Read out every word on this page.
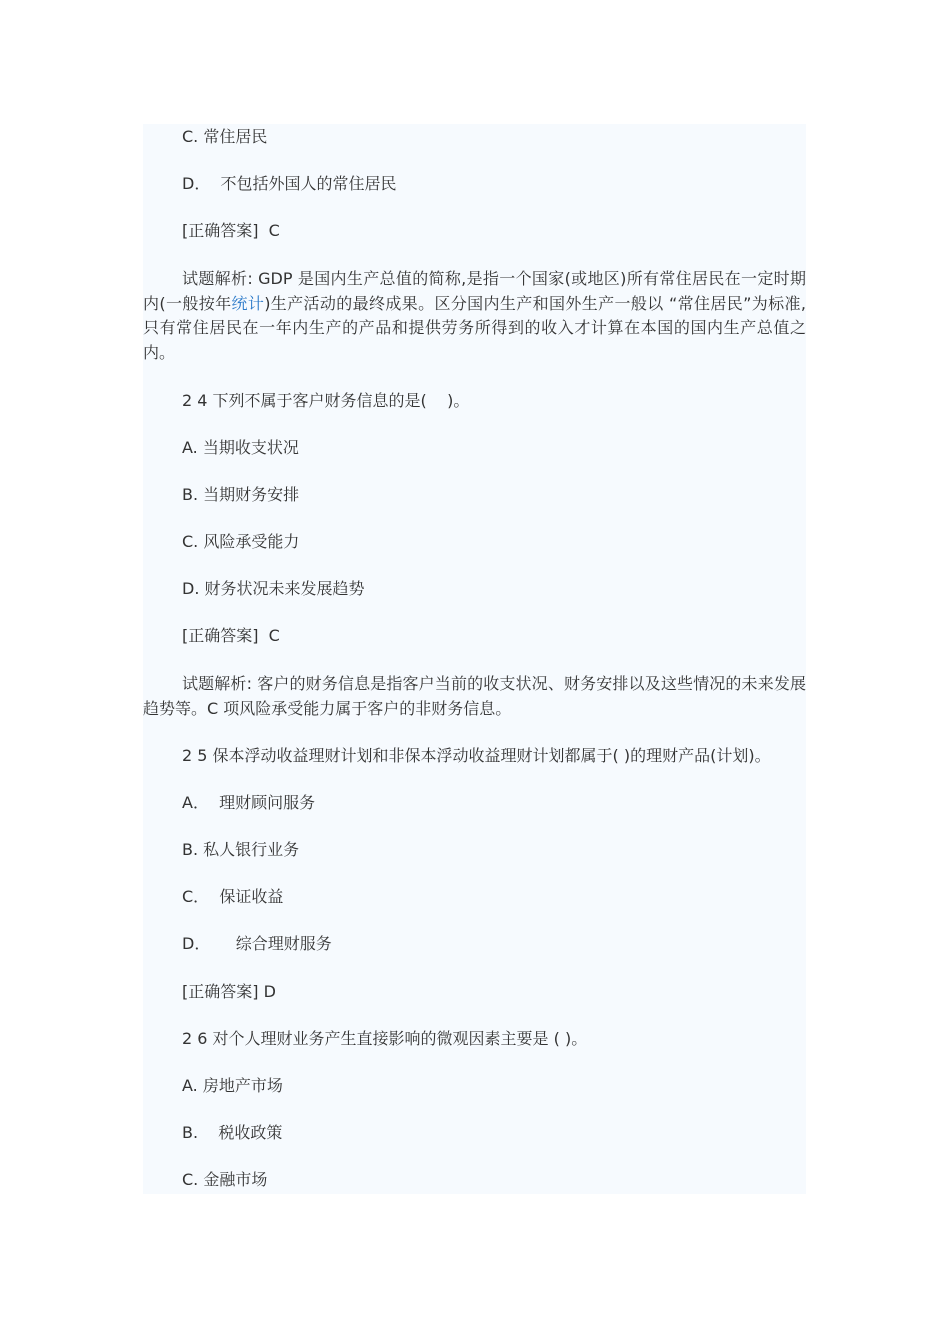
C. 常住居民
D．  不包括外国人的常住居民
[正确答案]  C

试题解析: GDP 是国内生产总值的简称,是指一个国家(或地区)所有常住居民在一定时期内(一般按年统计)生产活动的最终成果。区分国内生产和国外生产一般以 “常住居民”为标准,只有常住居民在一年内生产的产品和提供劳务所得到的收入才计算在本国的国内生产总值之内。

2 4 下列不属于客户财务信息的是(    )。
A. 当期收支状况
B. 当期财务安排
C. 风险承受能力
D. 财务状况未来发展趋势
[正确答案]  C

试题解析: 客户的财务信息是指客户当前的收支状况、财务安排以及这些情况的未来发展趋势等。C 项风险承受能力属于客户的非财务信息。

2 5 保本浮动收益理财计划和非保本浮动收益理财计划都属于( )的理财产品(计划)。
A．  理财顾问服务
B. 私人银行业务
C．  保证收益
D．     综合理财服务
[正确答案] D
2 6 对个人理财业务产生直接影响的微观因素主要是 ( )。
A. 房地产市场
B.    税收政策
C. 金融市场
